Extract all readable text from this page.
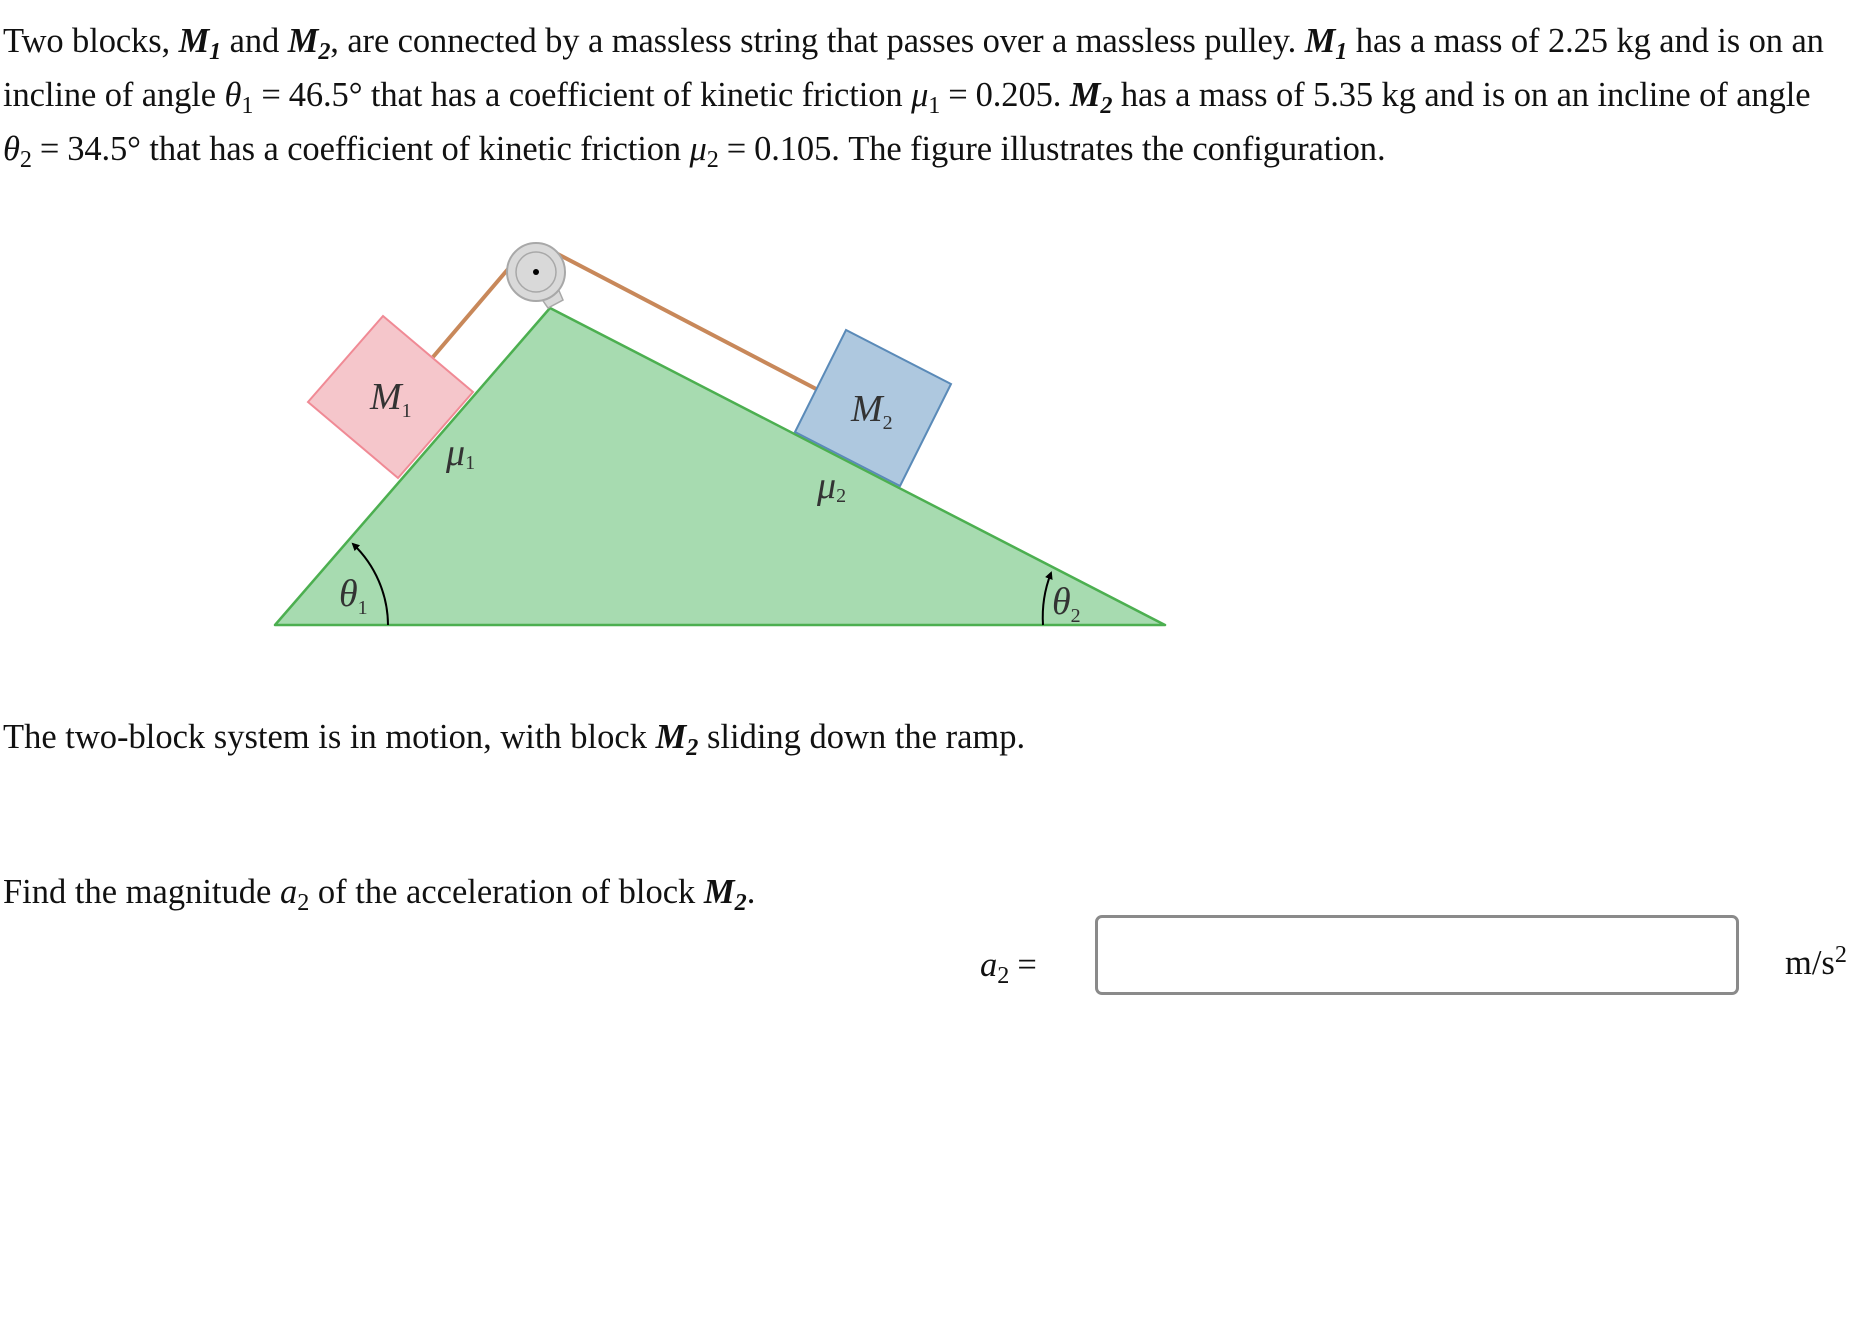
Two blocks, $M_1$ and $M_2$, are connected by a massless string that passes over a massless pulley. $M_1$ has a mass of 2.25 kg and is on an incline of angle $\theta_1 = 46.5^\circ$ that has a coefficient of kinetic friction $\mu_1 = 0.205$. $M_2$ has a mass of 5.35 kg and is on an incline of angle $\theta_2 = 34.5^\circ$ that has a coefficient of kinetic friction $\mu_2 = 0.105$. The figure illustrates the configuration.

$M_1$	$M_2$
μ1
μ2
$\theta_1$	$\theta_2$

The two-block system is in motion, with block $M_2$ sliding down the ramp.

Find the magnitude $a_2$ of the acceleration of block $M_2$.

$a_2$ =	$m/s^2$
